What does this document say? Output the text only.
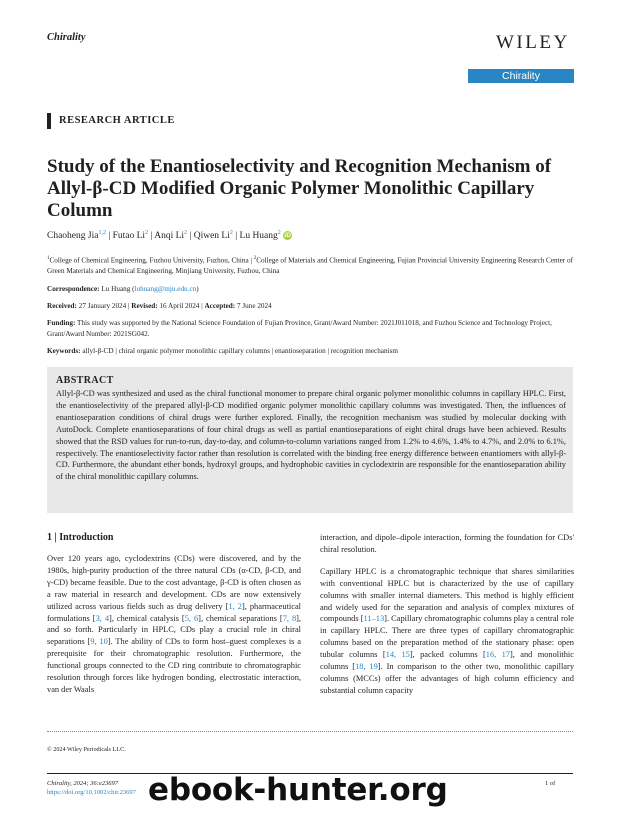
Chirality	WILEY
Chirality
RESEARCH ARTICLE
Study of the Enantioselectivity and Recognition Mechanism of Allyl-β-CD Modified Organic Polymer Monolithic Capillary Column
Chaoheng Jia$^{1,2}$ | Futao Li$^2$ | Anqi Li$^2$ | Qiwen Li$^2$ | Lu Huang$^2$ iD
$^1$College of Chemical Engineering, Fuzhou University, Fuzhou, China | $^2$College of Materials and Chemical Engineering, Fujian Provincial University Engineering Research Center of Green Materials and Chemical Engineering, Minjiang University, Fuzhou, China
Correspondence: Lu Huang (luhuang@mju.edu.cn)
Received: 27 January 2024 | Revised: 16 April 2024 | Accepted: 7 June 2024
Funding: This study was supported by the National Science Foundation of Fujian Province, Grant/Award Number: 2021J011018, and Fuzhou Science and Technology Project, Grant/Award Number: 2021SG042.
Keywords: allyl-β-CD | chiral organic polymer monolithic capillary columns | enantioseparation | recognition mechanism
ABSTRACT
Allyl-β-CD was synthesized and used as the chiral functional monomer to prepare chiral organic polymer monolithic columns in capillary HPLC. First, the enantioselectivity of the prepared allyl-β-CD modified organic polymer monolithic capillary columns was investigated. Then, the influences of enantioseparation conditions of chiral drugs were further explored. Finally, the recognition mechanism was studied by molecular docking with AutoDock. Complete enantioseparations of four chiral drugs as well as partial enantioseparations of eight chiral drugs have been achieved. Results showed that the RSD values for run-to-run, day-to-day, and column-to-column variations ranged from 1.2% to 4.6%, 1.4% to 4.7%, and 2.0% to 6.1%, respectively. The enantioselectivity factor rather than resolution is correlated with the binding free energy difference between enantiomers with allyl-β-CD. Furthermore, the abundant ether bonds, hydroxyl groups, and hydrophobic cavities in cyclodextrin are responsible for the enantioseparation ability of the chiral monolithic capillary columns.
1 | Introduction

Over 120 years ago, cyclodextrins (CDs) were discovered, and by the 1980s, high-purity production of the three natural CDs (α-CD, β-CD, and γ-CD) became feasible. Due to the cost advantage, β-CD is often chosen as a raw material in research and development. CDs are now extensively utilized across various fields such as drug delivery [1, 2], pharmaceutical formulations [3, 4], chemical catalysis [5, 6], chemical separations [7, 8], and so forth. Particularly in HPLC, CDs play a crucial role in chiral separations [9, 10]. The ability of CDs to form host–guest complexes is a prerequisite for their chromatographic resolution. Furthermore, the functional groups connected to the CD ring contribute to chromatographic resolution through forces like hydrogen bonding, electrostatic interaction, van der Waals

interaction, and dipole–dipole interaction, forming the foundation for CDs' chiral resolution.

Capillary HPLC is a chromatographic technique that shares similarities with conventional HPLC but is characterized by the use of capillary columns with smaller internal diameters. This method is highly efficient and widely used for the separation and analysis of complex mixtures of compounds [11–13]. Capillary chromatographic columns play a central role in capillary HPLC. There are three types of capillary chromatographic columns based on the preparation method of the stationary phase: open tubular columns [14, 15], packed columns [16, 17], and monolithic columns [18, 19]. In comparison to the other two, monolithic capillary columns (MCCs) offer the advantages of high column efficiency and substantial column capacity

© 2024 Wiley Periodicals LLC.
Chirality, 2024; 36:e23697
https://doi.org/10.1002/chir.23697
1 of
ebook-hunter.org
